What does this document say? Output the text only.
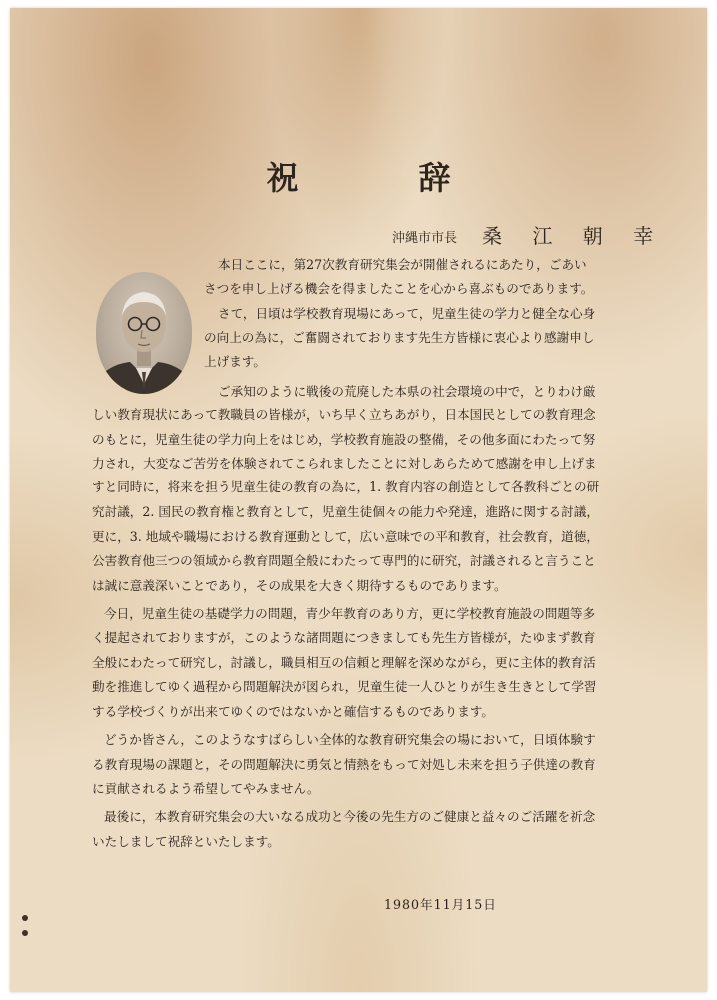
祝　辞
沖縄市市長 桑 江 朝 幸
本日ここに，第27次教育研究集会が開催されるにあたり，ごあい
さつを申し上げる機会を得ましたことを心から喜ぶものであります。
さて，日頃は学校教育現場にあって，児童生徒の学力と健全な心身
の向上の為に，ご奮闘されております先生方皆様に衷心より感謝申し
上げます。
ご承知のように戦後の荒廃した本県の社会環境の中で，とりわけ厳
しい教育現状にあって教職員の皆様が，いち早く立ちあがり，日本国民としての教育理念
のもとに，児童生徒の学力向上をはじめ，学校教育施設の整備，その他多面にわたって努
力され，大変なご苦労を体験されてこられましたことに対しあらためて感謝を申し上げま
すと同時に，将来を担う児童生徒の教育の為に，1. 教育内容の創造として各教科ごとの研
究討議，2. 国民の教育権と教育として，児童生徒個々の能力や発達，進路に関する討議，
更に，3. 地域や職場における教育運動として，広い意味での平和教育，社会教育，道徳，
公害教育他三つの領域から教育問題全般にわたって専門的に研究，討議されると言うこと
は誠に意義深いことであり，その成果を大きく期待するものであります。
今日，児童生徒の基礎学力の問題，青少年教育のあり方，更に学校教育施設の問題等多
く提起されておりますが，このような諸問題につきましても先生方皆様が，たゆまず教育
全般にわたって研究し，討議し，職員相互の信頼と理解を深めながら，更に主体的教育活
動を推進してゆく過程から問題解決が図られ，児童生徒一人ひとりが生き生きとして学習
する学校づくりが出来てゆくのではないかと確信するものであります。
どうか皆さん，このようなすばらしい全体的な教育研究集会の場において，日頃体験す
る教育現場の課題と，その問題解決に勇気と情熱をもって対処し未来を担う子供達の教育
に貢献されるよう希望してやみません。
最後に，本教育研究集会の大いなる成功と今後の先生方のご健康と益々のご活躍を祈念
いたしまして祝辞といたします。
1980年11月15日
